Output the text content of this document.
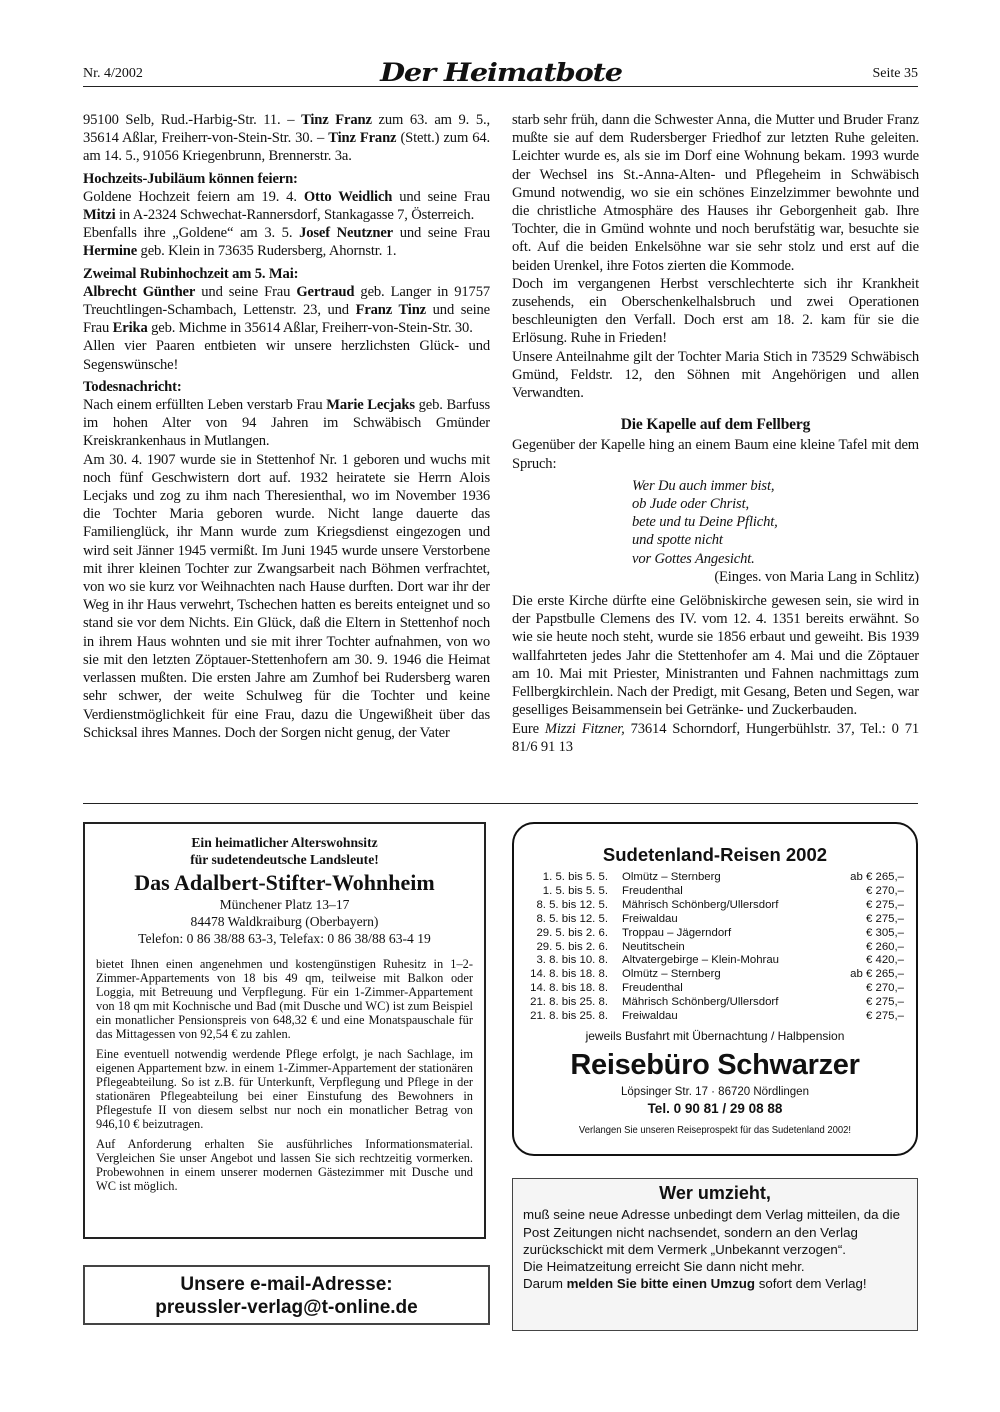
Nr. 4/2002	Der Heimatbote	Seite 35

95100 Selb, Rud.-Harbig-Str. 11. – Tinz Franz zum 63. am 9. 5., 35614 Aßlar, Freiherr-von-Stein-Str. 30. – Tinz Franz (Stett.) zum 64. am 14. 5., 91056 Kriegenbrunn, Brennerstr. 3a.

Hochzeits-Jubiläum können feiern:

Goldene Hochzeit feiern am 19. 4. Otto Weidlich und seine Frau Mitzi in A-2324 Schwechat-Rannersdorf, Stankagasse 7, Österreich.

Ebenfalls ihre „Goldene“ am 3. 5. Josef Neutzner und seine Frau Hermine geb. Klein in 73635 Rudersberg, Ahornstr. 1.

Zweimal Rubinhochzeit am 5. Mai:

Albrecht Günther und seine Frau Gertraud geb. Langer in 91757 Treuchtlingen-Schambach, Lettenstr. 23, und Franz Tinz und seine Frau Erika geb. Michme in 35614 Aßlar, Freiherr-von-Stein-Str. 30.

Allen vier Paaren entbieten wir unsere herzlichsten Glück- und Segenswünsche!

Todesnachricht:

Nach einem erfüllten Leben verstarb Frau Marie Lecjaks geb. Barfuss im hohen Alter von 94 Jahren im Schwäbisch Gmünder Kreiskrankenhaus in Mutlangen.

Am 30. 4. 1907 wurde sie in Stettenhof Nr. 1 geboren und wuchs mit noch fünf Geschwistern dort auf. 1932 heiratete sie Herrn Alois Lecjaks und zog zu ihm nach Theresienthal, wo im November 1936 die Tochter Maria geboren wurde. Nicht lange dauerte das Familienglück, ihr Mann wurde zum Kriegsdienst eingezogen und wird seit Jänner 1945 vermißt. Im Juni 1945 wurde unsere Verstorbene mit ihrer kleinen Tochter zur Zwangsarbeit nach Böhmen verfrachtet, von wo sie kurz vor Weihnachten nach Hause durften. Dort war ihr der Weg in ihr Haus verwehrt, Tschechen hatten es bereits enteignet und so stand sie vor dem Nichts. Ein Glück, daß die Eltern in Stettenhof noch in ihrem Haus wohnten und sie mit ihrer Tochter aufnahmen, von wo sie mit den letzten Zöptauer-Stettenhofern am 30. 9. 1946 die Heimat verlassen mußten. Die ersten Jahre am Zumhof bei Rudersberg waren sehr schwer, der weite Schulweg für die Tochter und keine Verdienstmöglichkeit für eine Frau, dazu die Ungewißheit über das Schicksal ihres Mannes. Doch der Sorgen nicht genug, der Vater

starb sehr früh, dann die Schwester Anna, die Mutter und Bruder Franz mußte sie auf dem Rudersberger Friedhof zur letzten Ruhe geleiten. Leichter wurde es, als sie im Dorf eine Wohnung bekam. 1993 wurde der Wechsel ins St.-Anna-Alten- und Pflegeheim in Schwäbisch Gmund notwendig, wo sie ein schönes Einzelzimmer bewohnte und die christliche Atmosphäre des Hauses ihr Geborgenheit gab. Ihre Tochter, die in Gmünd wohnte und noch berufstätig war, besuchte sie oft. Auf die beiden Enkelsöhne war sie sehr stolz und erst auf die beiden Urenkel, ihre Fotos zierten die Kommode.

Doch im vergangenen Herbst verschlechterte sich ihr Krankheit zusehends, ein Oberschenkelhalsbruch und zwei Operationen beschleunigten den Verfall. Doch erst am 18. 2. kam für sie die Erlösung. Ruhe in Frieden!

Unsere Anteilnahme gilt der Tochter Maria Stich in 73529 Schwäbisch Gmünd, Feldstr. 12, den Söhnen mit Angehörigen und allen Verwandten.

Die Kapelle auf dem Fellberg

Gegenüber der Kapelle hing an einem Baum eine kleine Tafel mit dem Spruch:

Wer Du auch immer bist,
ob Jude oder Christ,
bete und tu Deine Pflicht,
und spotte nicht
vor Gottes Angesicht.

(Einges. von Maria Lang in Schlitz)

Die erste Kirche dürfte eine Gelöbniskirche gewesen sein, sie wird in der Papstbulle Clemens des IV. vom 12. 4. 1351 bereits erwähnt. So wie sie heute noch steht, wurde sie 1856 erbaut und geweiht. Bis 1939 wallfahrteten jedes Jahr die Stettenhofer am 4. Mai und die Zöptauer am 10. Mai mit Priester, Ministranten und Fahnen nachmittags zum Fellbergkirchlein. Nach der Predigt, mit Gesang, Beten und Segen, war geselliges Beisammensein bei Getränke- und Zuckerbauden.

Eure Mizzi Fitzner, 73614 Schorndorf, Hungerbühlstr. 37, Tel.: 0 71 81/6 91 13

Ein heimatlicher Alterswohnsitz
für sudetendeutsche Landsleute!
Das Adalbert-Stifter-Wohnheim
Münchener Platz 13–17
84478 Waldkraiburg (Oberbayern)
Telefon: 0 86 38/88 63-3, Telefax: 0 86 38/88 63-4 19

bietet Ihnen einen angenehmen und kostengünstigen Ruhesitz in 1–2-Zimmer-Appartements von 18 bis 49 qm, teilweise mit Balkon oder Loggia, mit Betreuung und Verpflegung. Für ein 1-Zimmer-Appartement von 18 qm mit Kochnische und Bad (mit Dusche und WC) ist zum Beispiel ein monatlicher Pensionspreis von 648,32 € und eine Monatspauschale für das Mittagessen von 92,54 € zu zahlen.

Eine eventuell notwendig werdende Pflege erfolgt, je nach Sachlage, im eigenen Appartement bzw. in einem 1-Zimmer-Appartement der stationären Pflegeabteilung. So ist z.B. für Unterkunft, Verpflegung und Pflege in der stationären Pflegeabteilung bei einer Einstufung des Bewohners in Pflegestufe II von diesem selbst nur noch ein monatlicher Betrag von 946,10 € beizutragen.

Auf Anforderung erhalten Sie ausführliches Informationsmaterial. Vergleichen Sie unser Angebot und lassen Sie sich rechtzeitig vormerken. Probewohnen in einem unserer modernen Gästezimmer mit Dusche und WC ist möglich.

Unsere e-mail-Adresse:
preussler-verlag@t-online.de
Sudetenland-Reisen 2002
1. 5. bis 5. 5.	Olmütz – Sternberg	ab € 265,–
1. 5. bis 5. 5.	Freudenthal	€ 270,–
8. 5. bis 12. 5.	Mährisch Schönberg/Ullersdorf	€ 275,–
8. 5. bis 12. 5.	Freiwaldau	€ 275,–
29. 5. bis 2. 6.	Troppau – Jägerndorf	€ 305,–
29. 5. bis 2. 6.	Neutitschein	€ 260,–
3. 8. bis 10. 8.	Altvatergebirge – Klein-Mohrau	€ 420,–
14. 8. bis 18. 8.	Olmütz – Sternberg	ab € 265,–
14. 8. bis 18. 8.	Freudenthal	€ 270,–
21. 8. bis 25. 8.	Mährisch Schönberg/Ullersdorf	€ 275,–
21. 8. bis 25. 8.	Freiwaldau	€ 275,–
jeweils Busfahrt mit Übernachtung / Halbpension
Reisebüro Schwarzer
Löpsinger Str. 17 · 86720 Nördlingen
Tel. 0 90 81 / 29 08 88
Verlangen Sie unseren Reiseprospekt für das Sudetenland 2002!
Wer umzieht,

muß seine neue Adresse unbedingt dem Verlag mitteilen, da die Post Zeitungen nicht nachsendet, sondern an den Verlag zurückschickt mit dem Vermerk „Unbekannt verzogen“.

Die Heimatzeitung erreicht Sie dann nicht mehr.

Darum melden Sie bitte einen Umzug sofort dem Verlag!
